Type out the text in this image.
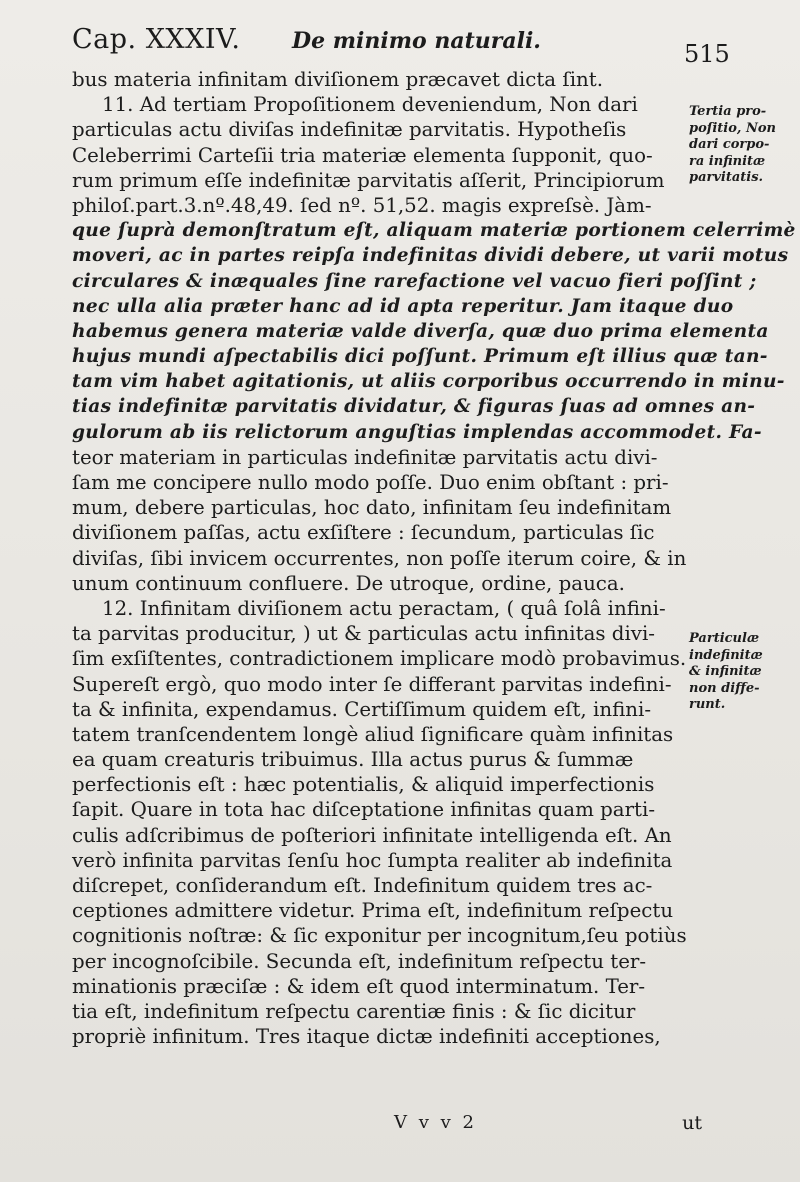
Cap. XXXIV. De minimo naturali.	515
bus materia infinitam diviſionem præcavet dicta ſint.
11. Ad tertiam Propoſitionem deveniendum, Non dari
particulas actu diviſas indefinitæ parvitatis. Hypotheſis
Celeberrimi Carteſii tria materiæ elementa ſupponit, quo-
rum primum eſſe indefinitæ parvitatis aſſerit, Principiorum
philoſ.part.3.nº.48,49. ſed nº. 51,52. magis expreſsè. Jàm-
que ſuprà demonſtratum eſt, aliquam materiæ portionem celerrimè
moveri, ac in partes reipſa indefinitas dividi debere, ut varii motus
circulares & inæquales ſine rarefactione vel vacuo fieri poſſint ;
nec ulla alia præter hanc ad id apta reperitur. Jam itaque duo
habemus genera materiæ valde diverſa, quæ duo prima elementa
hujus mundi aſpectabilis dici poſſunt. Primum eſt illius quæ tan-
tam vim habet agitationis, ut aliis corporibus occurrendo in minu-
tias indefinitæ parvitatis dividatur, & figuras ſuas ad omnes an-
gulorum ab iis relictorum anguſtias implendas accommodet. Fa-
teor materiam in particulas indefinitæ parvitatis actu divi-
ſam me concipere nullo modo poſſe. Duo enim obſtant : pri-
mum, debere particulas, hoc dato, infinitam ſeu indefinitam
diviſionem paſſas, actu exſiſtere : ſecundum, particulas ſic
diviſas, ſibi invicem occurrentes, non poſſe iterum coire, & in
unum continuum confluere. De utroque, ordine, pauca.
12. Infinitam diviſionem actu peractam, ( quâ ſolâ infini-
ta parvitas producitur, ) ut & particulas actu infinitas divi-
ſim exſiſtentes, contradictionem implicare modò probavimus.
Supereſt ergò, quo modo inter ſe differant parvitas indefini-
ta & infinita, expendamus. Certiſſimum quidem eſt, infini-
tatem tranſcendentem longè aliud ſignificare quàm infinitas
ea quam creaturis tribuimus. Illa actus purus & ſummæ
perfectionis eſt : hæc potentialis, & aliquid imperfectionis
ſapit. Quare in tota hac diſceptatione infinitas quam parti-
culis adſcribimus de poſteriori infinitate intelligenda eſt. An
verò infinita parvitas ſenſu hoc ſumpta realiter ab indefinita
diſcrepet, conſiderandum eſt. Indefinitum quidem tres ac-
ceptiones admittere videtur. Prima eſt, indefinitum reſpectu
cognitionis noſtræ: & ſic exponitur per incognitum,ſeu potiùs
per incognoſcibile. Secunda eſt, indefinitum reſpectu ter-
minationis præciſæ : & idem eſt quod interminatum. Ter-
tia eſt, indefinitum reſpectu carentiæ finis : & ſic dicitur
propriè infinitum. Tres itaque dictæ indefiniti acceptiones,
Tertia pro-
poſitio, Non
dari corpo-
ra infinitæ
parvitatis.
Particulæ
indefinitæ
& infinitæ
non diffe-
runt.
V v v 2	ut
